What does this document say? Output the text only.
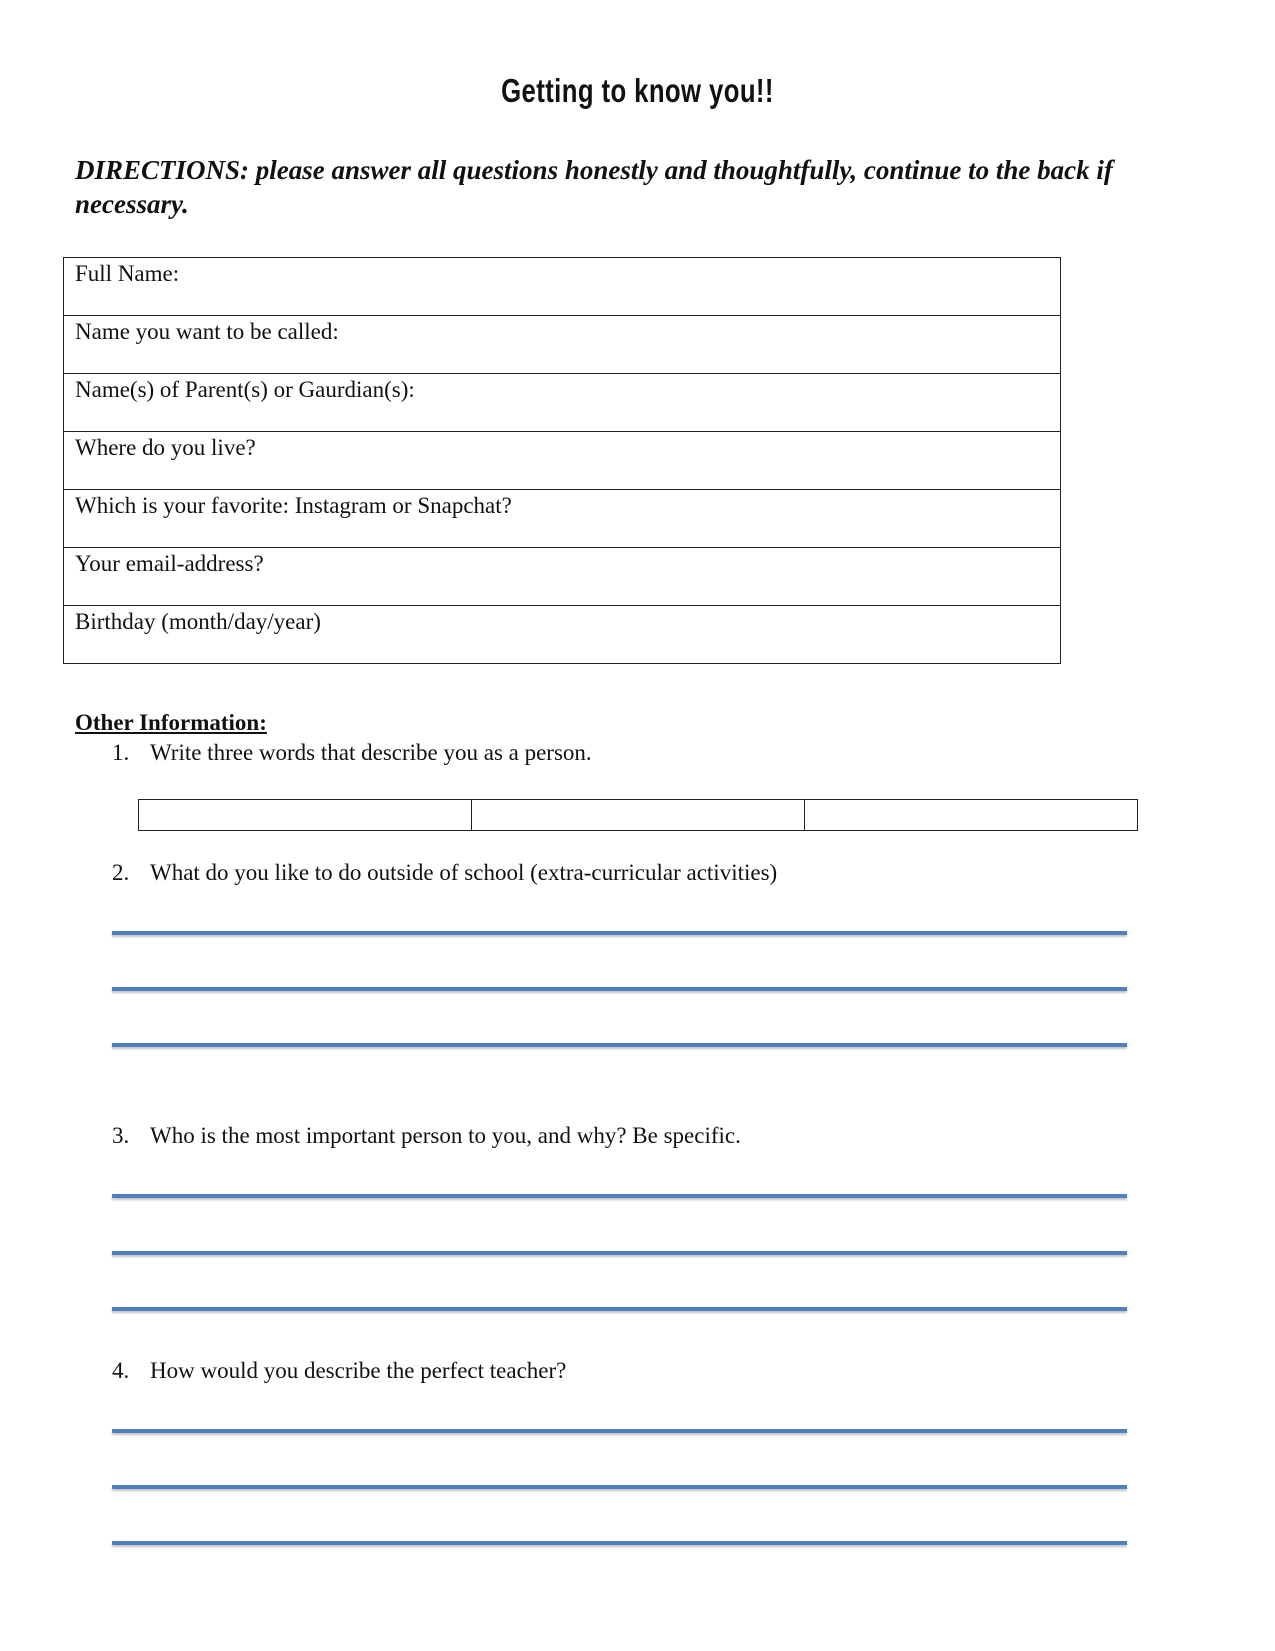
Getting to know you!!
DIRECTIONS: please answer all questions honestly and thoughtfully, continue to the back if necessary.
Full Name:
Name you want to be called:
Name(s) of Parent(s) or Gaurdian(s):
Where do you live?
Which is your favorite: Instagram or Snapchat?
Your email-address?
Birthday (month/day/year)
Other Information:
1. Write three words that describe you as a person.

2. What do you like to do outside of school (extra-curricular activities)
3. Who is the most important person to you, and why? Be specific.
4. How would you describe the perfect teacher?
